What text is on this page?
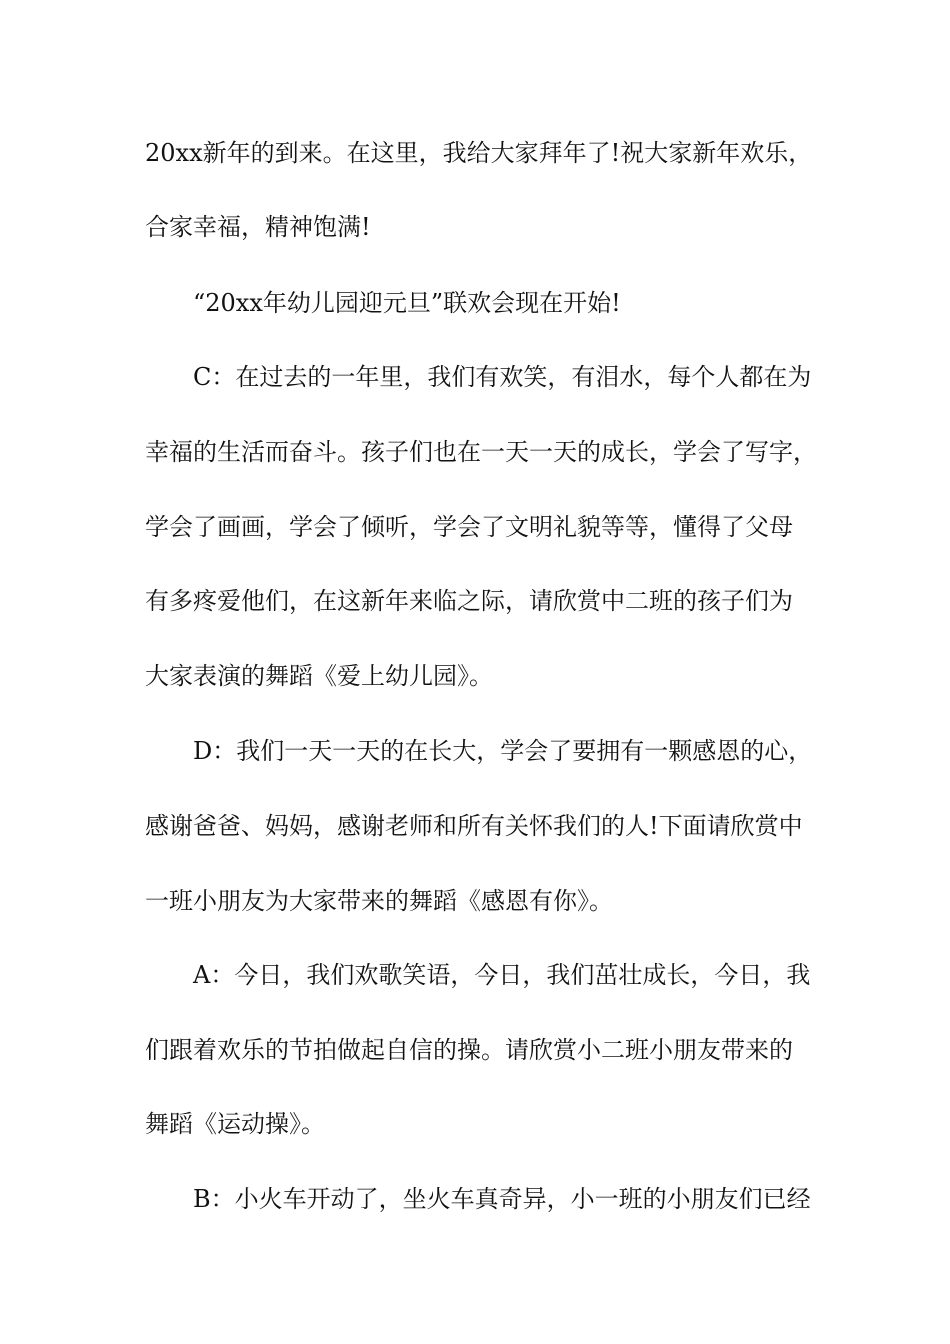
20xx新年的到来。在这里，我给大家拜年了!祝大家新年欢乐，
合家幸福，精神饱满!
“20xx年幼儿园迎元旦”联欢会现在开始!
C：在过去的一年里，我们有欢笑，有泪水，每个人都在为
幸福的生活而奋斗。孩子们也在一天一天的成长，学会了写字，
学会了画画，学会了倾听，学会了文明礼貌等等，懂得了父母
有多疼爱他们，在这新年来临之际，请欣赏中二班的孩子们为
大家表演的舞蹈《爱上幼儿园》。
D：我们一天一天的在长大，学会了要拥有一颗感恩的心，
感谢爸爸、妈妈，感谢老师和所有关怀我们的人!下面请欣赏中
一班小朋友为大家带来的舞蹈《感恩有你》。
A：今日，我们欢歌笑语，今日，我们茁壮成长，今日，我
们跟着欢乐的节拍做起自信的操。请欣赏小二班小朋友带来的
舞蹈《运动操》。
B：小火车开动了，坐火车真奇异，小一班的小朋友们已经
